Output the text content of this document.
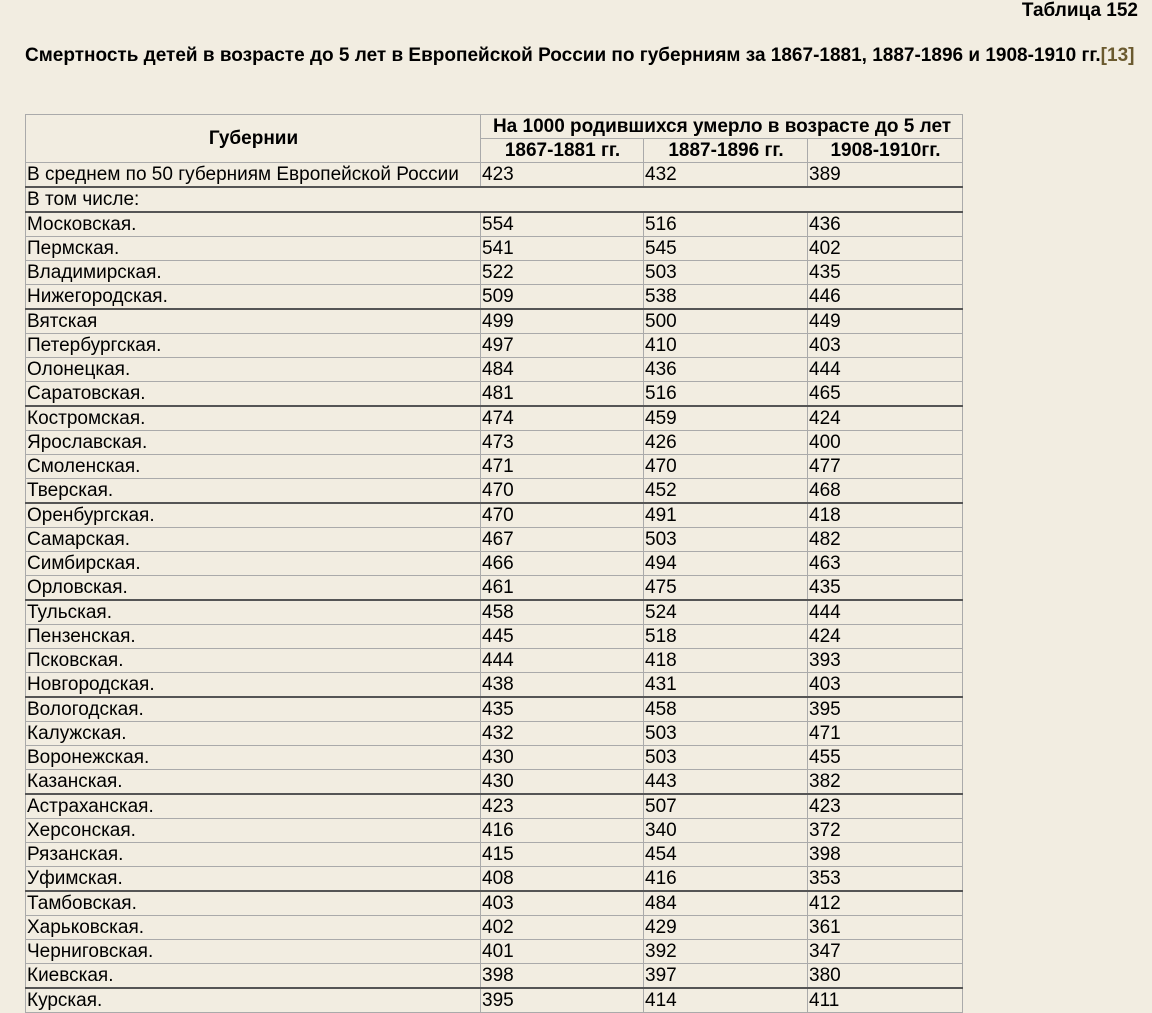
Таблица 152
Смертность детей в возрасте до 5 лет в Европейской России по губерниям за 1867-1881, 1887-1896 и 1908-1910 гг.[13]
Губернии	На 1000 родившихся умерло в возрасте до 5 лет		
	1867-1881 гг.	1887-1896 гг.	1908-1910гг.
В среднем по 50 губерниям Европейской России	423	432	389
В том числе:			
Московская.	554	516	436
Пермская.	541	545	402
Владимирская.	522	503	435
Нижегородская.	509	538	446
Вятская	499	500	449
Петербургская.	497	410	403
Олонецкая.	484	436	444
Саратовская.	481	516	465
Костромская.	474	459	424
Ярославская.	473	426	400
Смоленская.	471	470	477
Тверская.	470	452	468
Оренбургская.	470	491	418
Самарская.	467	503	482
Симбирская.	466	494	463
Орловская.	461	475	435
Тульская.	458	524	444
Пензенская.	445	518	424
Псковская.	444	418	393
Новгородская.	438	431	403
Вологодская.	435	458	395
Калужская.	432	503	471
Воронежская.	430	503	455
Казанская.	430	443	382
Астраханская.	423	507	423
Херсонская.	416	340	372
Рязанская.	415	454	398
Уфимская.	408	416	353
Тамбовская.	403	484	412
Харьковская.	402	429	361
Черниговская.	401	392	347
Киевская.	398	397	380
Курская.	395	414	411
